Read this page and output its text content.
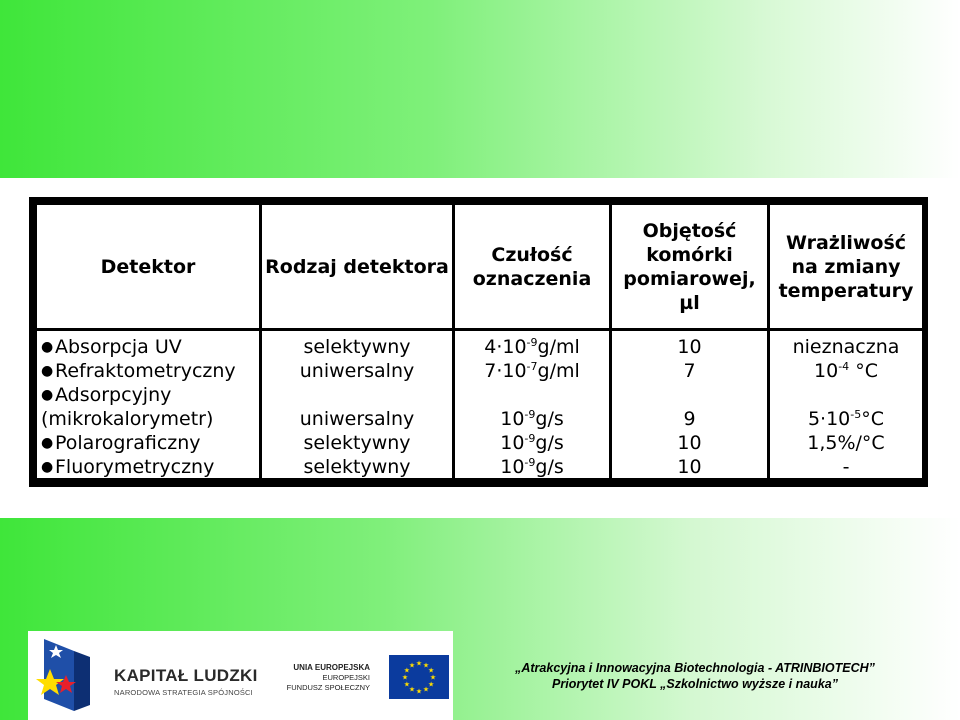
Detektor	Rodzaj detektora
Czułość
oznaczenia
Objętość
komórki
pomiarowej,
µl
Wrażliwość
na zmiany
temperatury
●Absorpcja UV
●Refraktometryczny
●Adsorpcyjny
(mikrokalorymetr)
●Polarograficzny
●Fluorymetryczny
selektywny
uniwersalny
uniwersalny
selektywny
selektywny
$4\cdot 10^{-9}g/ml$
$7\cdot 10^{-7}g/ml$
$10^{-9}g/s$
$10^{-9}g/s$
$10^{-9}g/s$
10
7
9
10
10
nieznaczna
$10^{-4}$ °C
$5\cdot 10^{-5}^\circ C$
1,5%/°C
-
KAPITAŁ LUDZKI
NARODOWA STRATEGIA SPÓJNOŚCI
UNIA EUROPEJSKA
EUROPEJSKI
FUNDUSZ SPOŁECZNY
★ ★
★
★
★
★
★
★
★
★
★
★	„Atrakcyjna i Innowacyjna Biotechnologia - ATRINBIOTECH”
Priorytet IV POKL „Szkolnictwo wyższe i nauka”
